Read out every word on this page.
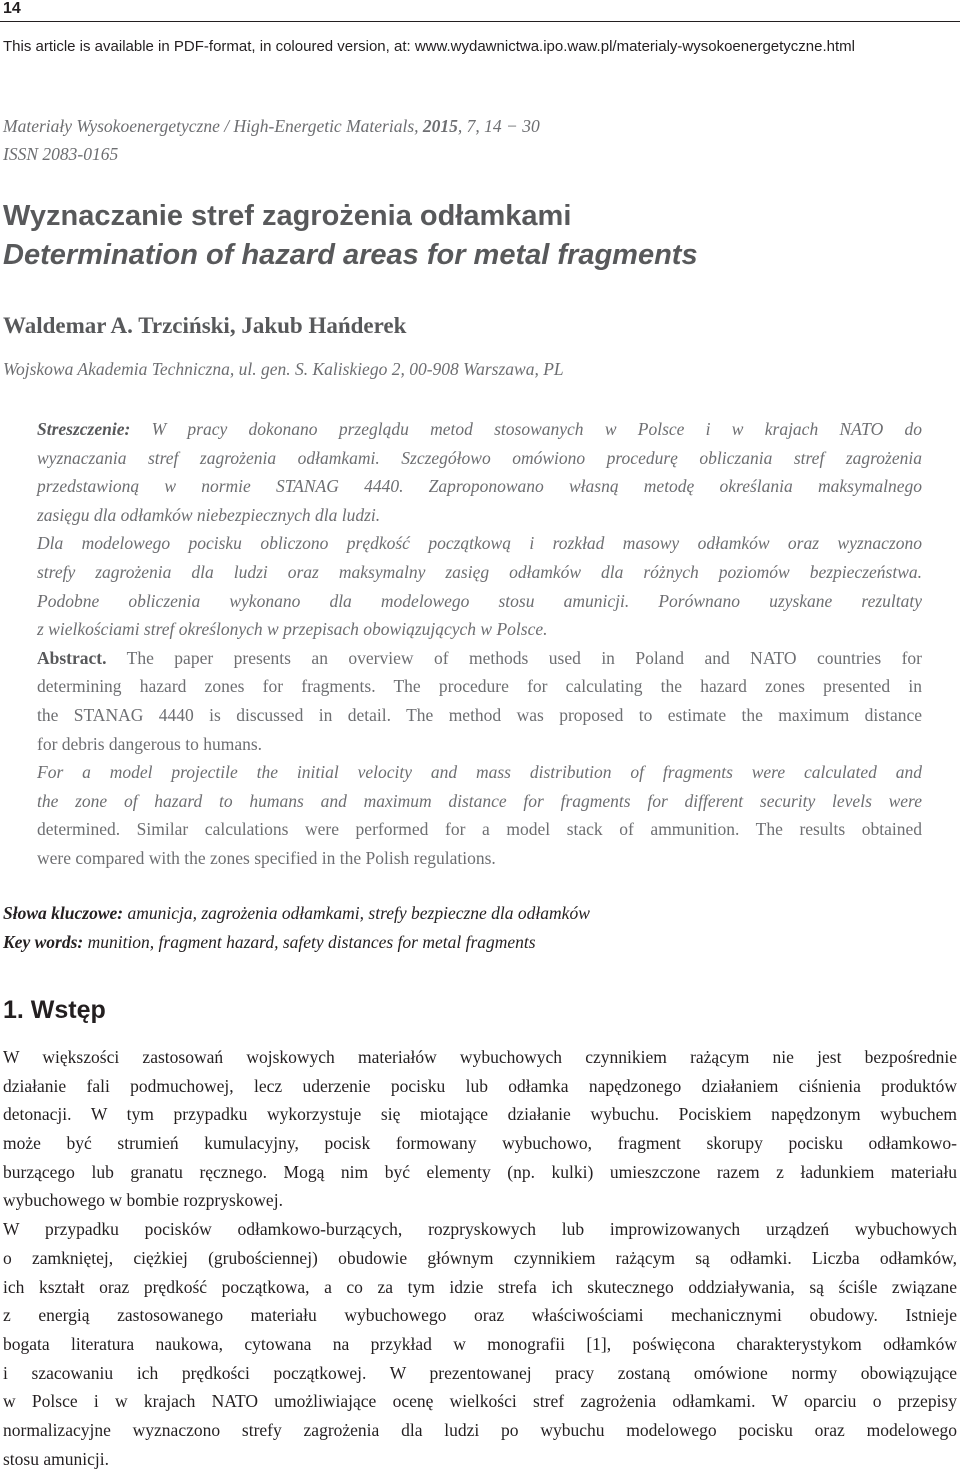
14
This article is available in PDF-format, in coloured version, at: www.wydawnictwa.ipo.waw.pl/materialy-wysokoenergetyczne.html
Materiały Wysokoenergetyczne / High-Energetic Materials, 2015, 7, 14 − 30
ISSN 2083-0165
Wyznaczanie stref zagrożenia odłamkami
Determination of hazard areas for metal fragments
Waldemar A. Trzciński, Jakub Hańderek
Wojskowa Akademia Techniczna, ul. gen. S. Kaliskiego 2, 00-908 Warszawa, PL
Streszczenie: W pracy dokonano przeglądu metod stosowanych w Polsce i w krajach NATO do
wyznaczania stref zagrożenia odłamkami. Szczegółowo omówiono procedurę obliczania stref zagrożenia
przedstawioną w normie STANAG 4440. Zaproponowano własną metodę określania maksymalnego
zasięgu dla odłamków niebezpiecznych dla ludzi.
Dla modelowego pocisku obliczono prędkość początkową i rozkład masowy odłamków oraz wyznaczono
strefy zagrożenia dla ludzi oraz maksymalny zasięg odłamków dla różnych poziomów bezpieczeństwa.
Podobne obliczenia wykonano dla modelowego stosu amunicji. Porównano uzyskane rezultaty
z wielkościami stref określonych w przepisach obowiązujących w Polsce.
Abstract. The paper presents an overview of methods used in Poland and NATO countries for
determining hazard zones for fragments. The procedure for calculating the hazard zones presented in
the STANAG 4440 is discussed in detail. The method was proposed to estimate the maximum distance
for debris dangerous to humans.
For a model projectile the initial velocity and mass distribution of fragments were calculated and
the zone of hazard to humans and maximum distance for fragments for different security levels were
determined. Similar calculations were performed for a model stack of ammunition. The results obtained
were compared with the zones specified in the Polish regulations.
Słowa kluczowe: amunicja, zagrożenia odłamkami, strefy bezpieczne dla odłamków
Key words: munition, fragment hazard, safety distances for metal fragments
1. Wstęp
W większości zastosowań wojskowych materiałów wybuchowych czynnikiem rażącym nie jest bezpośrednie
działanie fali podmuchowej, lecz uderzenie pocisku lub odłamka napędzonego działaniem ciśnienia produktów
detonacji. W tym przypadku wykorzystuje się miotające działanie wybuchu. Pociskiem napędzonym wybuchem
może być strumień kumulacyjny, pocisk formowany wybuchowo, fragment skorupy pocisku odłamkowo-
burzącego lub granatu ręcznego. Mogą nim być elementy (np. kulki) umieszczone razem z ładunkiem materiału
wybuchowego w bombie rozpryskowej.
W przypadku pocisków odłamkowo-burzących, rozpryskowych lub improwizowanych urządzeń wybuchowych
o zamkniętej, ciężkiej (grubościennej) obudowie głównym czynnikiem rażącym są odłamki. Liczba odłamków,
ich kształt oraz prędkość początkowa, a co za tym idzie strefa ich skutecznego oddziaływania, są ściśle związane
z energią zastosowanego materiału wybuchowego oraz właściwościami mechanicznymi obudowy. Istnieje
bogata literatura naukowa, cytowana na przykład w monografii [1], poświęcona charakterystykom odłamków
i szacowaniu ich prędkości początkowej. W prezentowanej pracy zostaną omówione normy obowiązujące
w Polsce i w krajach NATO umożliwiające ocenę wielkości stref zagrożenia odłamkami. W oparciu o przepisy
normalizacyjne wyznaczono strefy zagrożenia dla ludzi po wybuchu modelowego pocisku oraz modelowego
stosu amunicji.
